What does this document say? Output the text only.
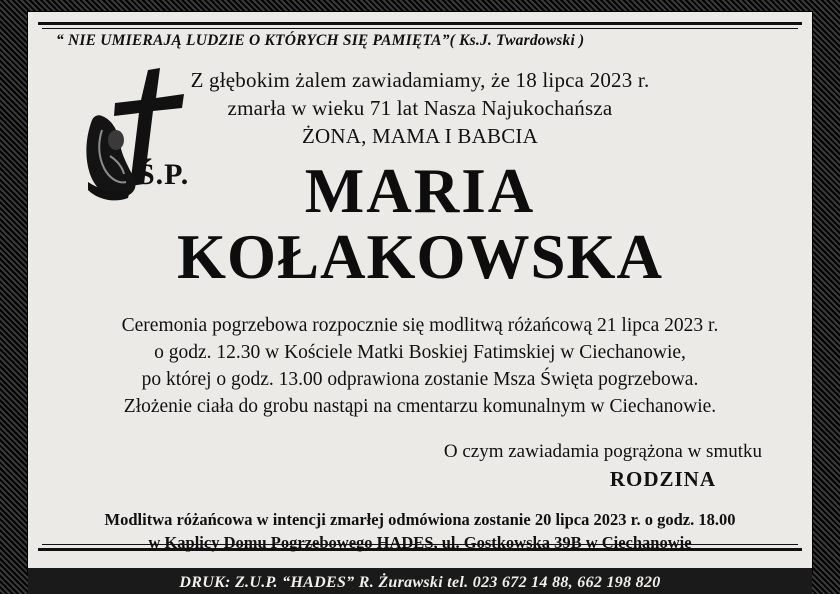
“ NIE UMIERAJĄ LUDZIE O KTÓRYCH SIĘ PAMIĘTA”( Ks.J. Twardowski )
Ś.P.
Z głębokim żalem zawiadamiamy, że 18 lipca 2023 r.
zmarła w wieku 71 lat Nasza Najukochańsza
ŻONA, MAMA I BABCIA
MARIA
KOŁAKOWSKA
Ceremonia pogrzebowa rozpocznie się modlitwą różańcową 21 lipca 2023 r.
o godz. 12.30 w Kościele Matki Boskiej Fatimskiej w Ciechanowie,
po której o godz. 13.00 odprawiona zostanie Msza Święta pogrzebowa.
Złożenie ciała do grobu nastąpi na cmentarzu komunalnym w Ciechanowie.
O czym zawiadamia pogrążona w smutku
RODZINA
Modlitwa różańcowa w intencji zmarłej odmówiona zostanie 20 lipca 2023 r. o godz. 18.00
w Kaplicy Domu Pogrzebowego HADES, ul. Gostkowska 39B w Ciechanowie
DRUK: Z.U.P. “HADES” R. Żurawski tel. 023 672 14 88, 662 198 820
